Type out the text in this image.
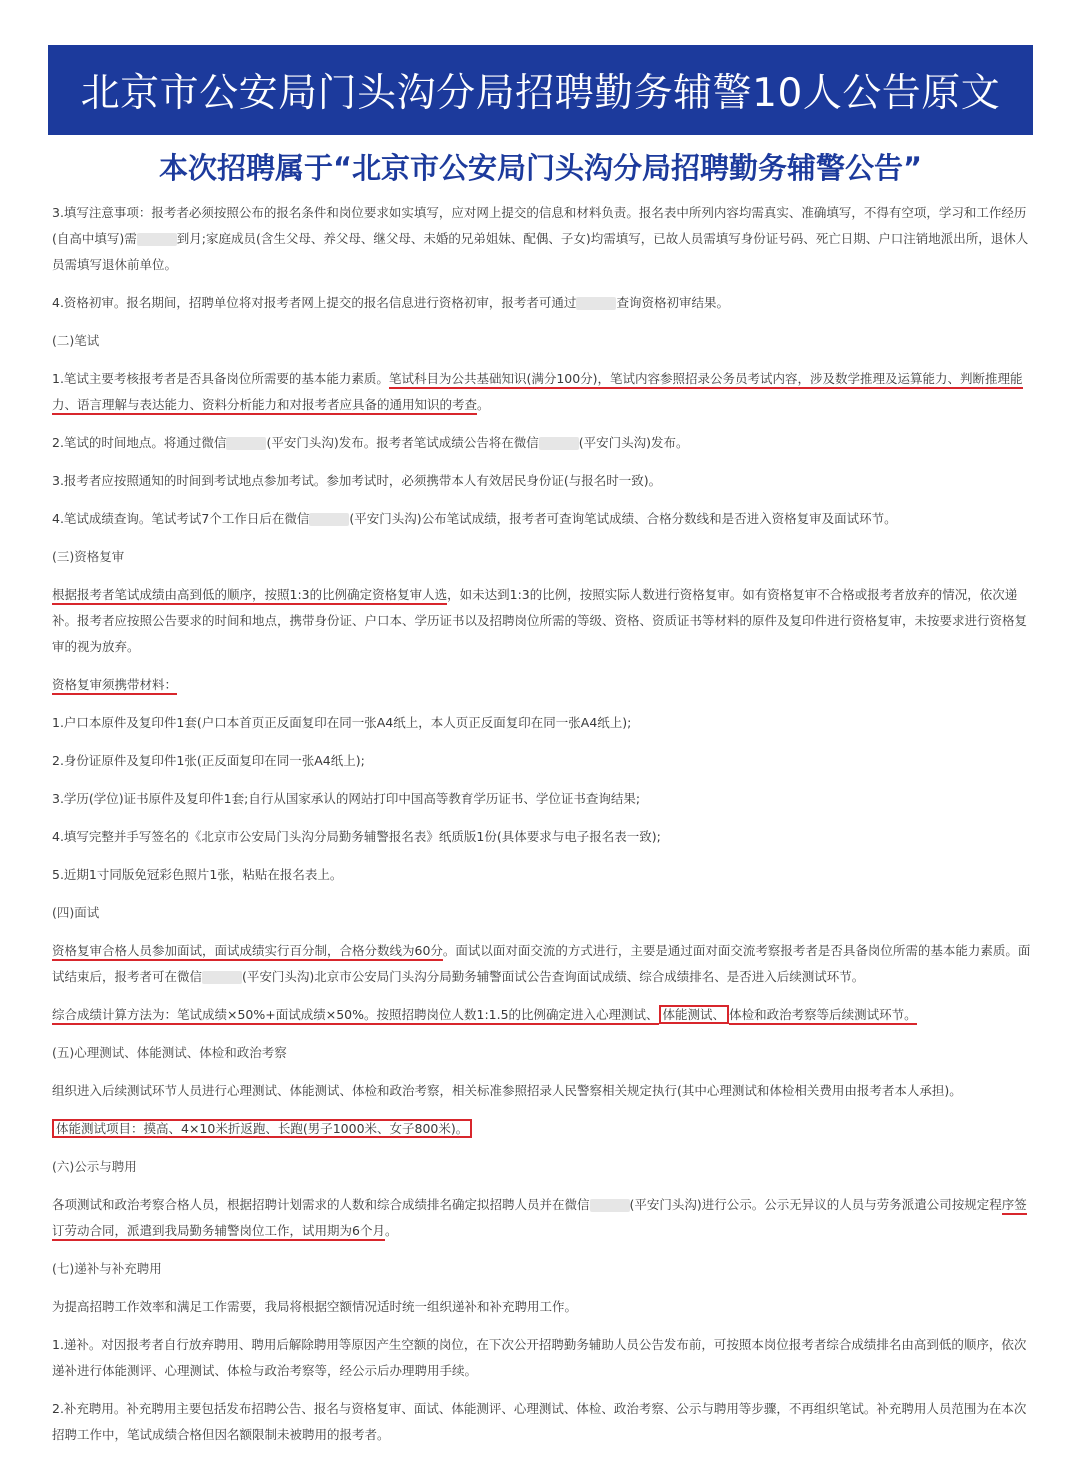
北京市公安局门头沟分局招聘勤务辅警10人公告原文

本次招聘属于“北京市公安局门头沟分局招聘勤务辅警公告”

3.填写注意事项：报考者必须按照公布的报名条件和岗位要求如实填写，应对网上提交的信息和材料负责。报名表中所列内容均需真实、准确填写，不得有空项，学习和工作经历(自高中填写)需	到月;家庭成员(含生父母、养父母、继父母、未婚的兄弟姐妹、配偶、子女)均需填写，已故人员需填写身份证号码、死亡日期、户口注销地派出所，退休人员需填写退休前单位。

4.资格初审。报名期间，招聘单位将对报考者网上提交的报名信息进行资格初审，报考者可通过	查询资格初审结果。

(二)笔试

1.笔试主要考核报考者是否具备岗位所需要的基本能力素质。笔试科目为公共基础知识(满分100分)，笔试内容参照招录公务员考试内容，涉及数学推理及运算能力、判断推理能力、语言理解与表达能力、资料分析能力和对报考者应具备的通用知识的考查。

2.笔试的时间地点。将通过微信	(平安门头沟)发布。报考者笔试成绩公告将在微信	(平安门头沟)发布。

3.报考者应按照通知的时间到考试地点参加考试。参加考试时，必须携带本人有效居民身份证(与报名时一致)。

4.笔试成绩查询。笔试考试7个工作日后在微信	(平安门头沟)公布笔试成绩，报考者可查询笔试成绩、合格分数线和是否进入资格复审及面试环节。

(三)资格复审

根据报考者笔试成绩由高到低的顺序，按照1:3的比例确定资格复审人选，如未达到1:3的比例，按照实际人数进行资格复审。如有资格复审不合格或报考者放弃的情况，依次递补。报考者应按照公告要求的时间和地点，携带身份证、户口本、学历证书以及招聘岗位所需的等级、资格、资质证书等材料的原件及复印件进行资格复审，未按要求进行资格复审的视为放弃。

资格复审须携带材料：

1.户口本原件及复印件1套(户口本首页正反面复印在同一张A4纸上，本人页正反面复印在同一张A4纸上);

2.身份证原件及复印件1张(正反面复印在同一张A4纸上);

3.学历(学位)证书原件及复印件1套;自行从国家承认的网站打印中国高等教育学历证书、学位证书查询结果;

4.填写完整并手写签名的《北京市公安局门头沟分局勤务辅警报名表》纸质版1份(具体要求与电子报名表一致);

5.近期1寸同版免冠彩色照片1张，粘贴在报名表上。

(四)面试

资格复审合格人员参加面试，面试成绩实行百分制，合格分数线为60分。面试以面对面交流的方式进行，主要是通过面对面交流考察报考者是否具备岗位所需的基本能力素质。面试结束后，报考者可在微信	(平安门头沟)北京市公安局门头沟分局勤务辅警面试公告查询面试成绩、综合成绩排名、是否进入后续测试环节。

综合成绩计算方法为：笔试成绩×50%+面试成绩×50%。按照招聘岗位人数1:1.5的比例确定进入心理测试、 体能测试、 体检和政治考察等后续测试环节。

(五)心理测试、体能测试、体检和政治考察

组织进入后续测试环节人员进行心理测试、体能测试、体检和政治考察，相关标准参照招录人民警察相关规定执行(其中心理测试和体检相关费用由报考者本人承担)。

体能测试项目：摸高、4×10米折返跑、长跑(男子1000米、女子800米)。

(六)公示与聘用

各项测试和政治考察合格人员，根据招聘计划需求的人数和综合成绩排名确定拟招聘人员并在微信	(平安门头沟)进行公示。公示无异议的人员与劳务派遣公司按规定程序签订劳动合同，派遣到我局勤务辅警岗位工作，试用期为6个月。

(七)递补与补充聘用

为提高招聘工作效率和满足工作需要，我局将根据空额情况适时统一组织递补和补充聘用工作。

1.递补。对因报考者自行放弃聘用、聘用后解除聘用等原因产生空额的岗位，在下次公开招聘勤务辅助人员公告发布前，可按照本岗位报考者综合成绩排名由高到低的顺序，依次递补进行体能测评、心理测试、体检与政治考察等，经公示后办理聘用手续。

2.补充聘用。补充聘用主要包括发布招聘公告、报名与资格复审、面试、体能测评、心理测试、体检、政治考察、公示与聘用等步骤，不再组织笔试。补充聘用人员范围为在本次招聘工作中，笔试成绩合格但因名额限制未被聘用的报考者。
